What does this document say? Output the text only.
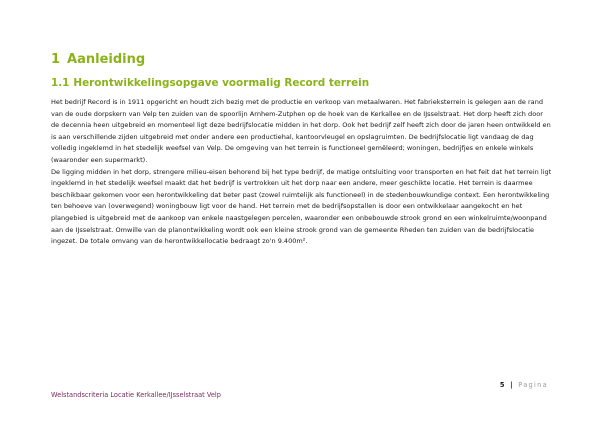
1 Aanleiding
1.1 Herontwikkelingsopgave voormalig Record terrein
Het bedrijf Record is in 1911 opgericht en houdt zich bezig met de productie en verkoop van metaalwaren. Het fabrieksterrein is gelegen aan de rand
van de oude dorpskern van Velp ten zuiden van de spoorlijn Arnhem-Zutphen op de hoek van de Kerkallee en de IJsselstraat. Het dorp heeft zich door
de decennia heen uitgebreid en momenteel ligt deze bedrijfslocatie midden in het dorp. Ook het bedrijf zelf heeft zich door de jaren heen ontwikkeld en
is aan verschillende zijden uitgebreid met onder andere een productiehal, kantoorvleugel en opslagruimten. De bedrijfslocatie ligt vandaag de dag
volledig ingeklemd in het stedelijk weefsel van Velp. De omgeving van het terrein is functioneel gemêleerd; woningen, bedrijfjes en enkele winkels
(waaronder een supermarkt).
De ligging midden in het dorp, strengere milieu-eisen behorend bij het type bedrijf, de matige ontsluiting voor transporten en het feit dat het terrein ligt
ingeklemd in het stedelijk weefsel maakt dat het bedrijf is vertrokken uit het dorp naar een andere, meer geschikte locatie. Het terrein is daarmee
beschikbaar gekomen voor een herontwikkeling dat beter past (zowel ruimtelijk als functioneel) in de stedenbouwkundige context. Een herontwikkeling
ten behoeve van (overwegend) woningbouw ligt voor de hand. Het terrein met de bedrijfsopstallen is door een ontwikkelaar aangekocht en het
plangebied is uitgebreid met de aankoop van enkele naastgelegen percelen, waaronder een onbebouwde strook grond en een winkelruimte/woonpand
aan de IJsselstraat. Omwille van de planontwikkeling wordt ook een kleine strook grond van de gemeente Rheden ten zuiden van de bedrijfslocatie
ingezet. De totale omvang van de herontwikkellocatie bedraagt zo'n 9.400m².
5 | Pagina
Welstandscriteria Locatie Kerkallee/IJsselstraat Velp
